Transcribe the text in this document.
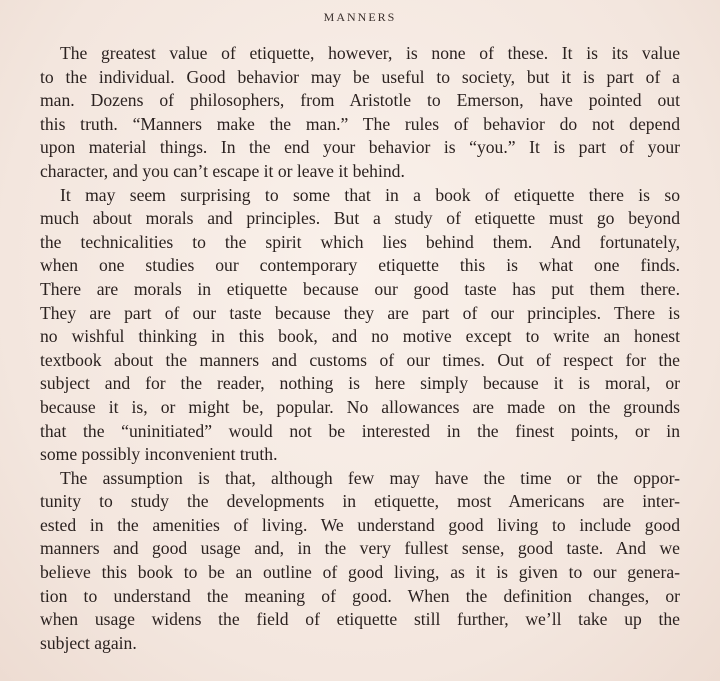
MANNERS
The greatest value of etiquette, however, is none of these. It is its value
to the individual. Good behavior may be useful to society, but it is part of a
man. Dozens of philosophers, from Aristotle to Emerson, have pointed out
this truth. “Manners make the man.” The rules of behavior do not depend
upon material things. In the end your behavior is “you.” It is part of your
character, and you can’t escape it or leave it behind.
It may seem surprising to some that in a book of etiquette there is so
much about morals and principles. But a study of etiquette must go beyond
the technicalities to the spirit which lies behind them. And fortunately,
when one studies our contemporary etiquette this is what one finds.
There are morals in etiquette because our good taste has put them there.
They are part of our taste because they are part of our principles. There is
no wishful thinking in this book, and no motive except to write an honest
textbook about the manners and customs of our times. Out of respect for the
subject and for the reader, nothing is here simply because it is moral, or
because it is, or might be, popular. No allowances are made on the grounds
that the “uninitiated” would not be interested in the finest points, or in
some possibly inconvenient truth.
The assumption is that, although few may have the time or the oppor-
tunity to study the developments in etiquette, most Americans are inter-
ested in the amenities of living. We understand good living to include good
manners and good usage and, in the very fullest sense, good taste. And we
believe this book to be an outline of good living, as it is given to our genera-
tion to understand the meaning of good. When the definition changes, or
when usage widens the field of etiquette still further, we’ll take up the
subject again.
